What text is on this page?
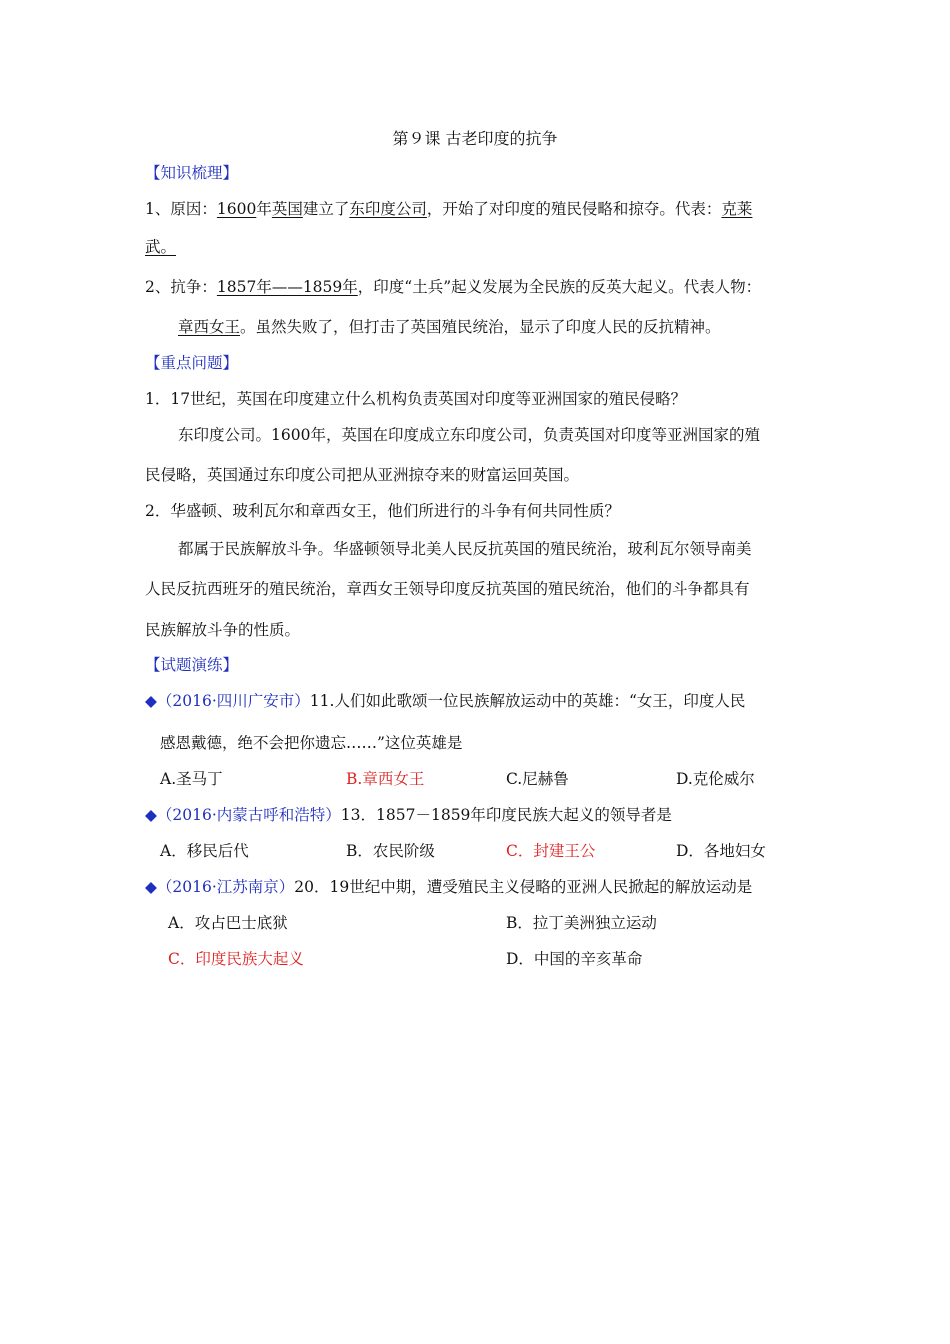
第９课 古老印度的抗争
【知识梳理】
1、原因：1600年英国建立了东印度公司，开始了对印度的殖民侵略和掠夺。代表：克莱
武。
2、抗争：1857年——1859年，印度“土兵”起义发展为全民族的反英大起义。代表人物：
章西女王。虽然失败了，但打击了英国殖民统治，显示了印度人民的反抗精神。
【重点问题】
1．17世纪，英国在印度建立什么机构负责英国对印度等亚洲国家的殖民侵略？
东印度公司。1600年，英国在印度成立东印度公司，负责英国对印度等亚洲国家的殖
民侵略，英国通过东印度公司把从亚洲掠夺来的财富运回英国。
2．华盛顿、玻利瓦尔和章西女王，他们所进行的斗争有何共同性质？
都属于民族解放斗争。华盛顿领导北美人民反抗英国的殖民统治，玻利瓦尔领导南美
人民反抗西班牙的殖民统治，章西女王领导印度反抗英国的殖民统治，他们的斗争都具有
民族解放斗争的性质。
【试题演练】
◆（2016·四川广安市）11.人们如此歌颂一位民族解放运动中的英雄：“女王，印度人民
感恩戴德，绝不会把你遗忘……”这位英雄是
A.圣马丁	B.章西女王	C.尼赫鲁	D.克伦威尔
◆（2016·内蒙古呼和浩特）13．1857－1859年印度民族大起义的领导者是
A．移民后代	B．农民阶级	C．封建王公	D．各地妇女
◆（2016·江苏南京）20．19世纪中期，遭受殖民主义侵略的亚洲人民掀起的解放运动是
A．攻占巴士底狱	B．拉丁美洲独立运动
C．印度民族大起义	D．中国的辛亥革命
